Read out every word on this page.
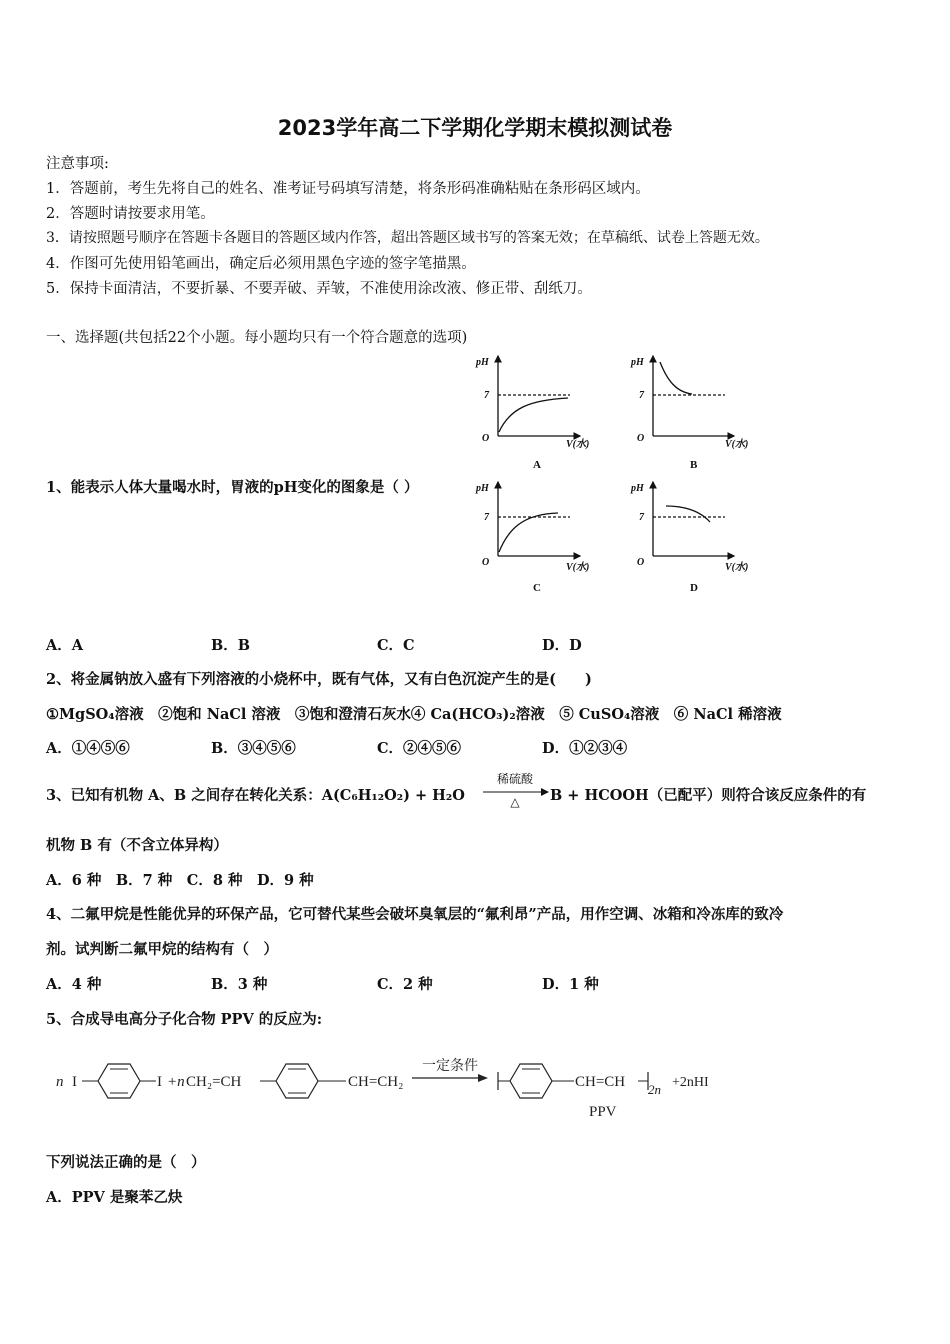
2023学年高二下学期化学期末模拟测试卷
注意事项:
1．答题前，考生先将自己的姓名、准考证号码填写清楚，将条形码准确粘贴在条形码区域内。
2．答题时请按要求用笔。
3．请按照题号顺序在答题卡各题目的答题区域内作答，超出答题区域书写的答案无效；在草稿纸、试卷上答题无效。
4．作图可先使用铅笔画出，确定后必须用黑色字迹的签字笔描黑。
5．保持卡面清洁，不要折暴、不要弄破、弄皱，不准使用涂改液、修正带、刮纸刀。
一、选择题(共包括22个小题。每小题均只有一个符合题意的选项)
1、能表示人体大量喝水时，胃液的pH变化的图象是（ ）
pH
7
O
V(水)
A
pH
7
O
V(水)
B
pH
7
O	V(水)
C
pH
7
O	V(水)
D
A．A	B．B	C．C	D．D
2、将金属钠放入盛有下列溶液的小烧杯中，既有气体，又有白色沉淀产生的是(　　)
①MgSO₄溶液　②饱和 NaCl 溶液　③饱和澄清石灰水④ Ca(HCO₃)₂溶液　⑤ CuSO₄溶液　⑥ NaCl 稀溶液
A．①④⑤⑥	B．③④⑤⑥	C．②④⑤⑥	D．①②③④
3、已知有机物 A、B 之间存在转化关系：A(C₆H₁₂O₂) + H₂O
稀硫酸
△	B + HCOOH（已配平）则符合该反应条件的有
机物 B 有（不含立体异构）
A．6 种　B．7 种　C．8 种　D．9 种
4、二氟甲烷是性能优异的环保产品，它可替代某些会破坏臭氧层的“氟利昂”产品，用作空调、冰箱和冷冻库的致冷
剂。试判断二氟甲烷的结构有（　）
A．4 种	B．3 种	C．2 种	D．1 种
5、合成导电高分子化合物 PPV 的反应为:
n I	I +n CH₂=CH	CH=CH₂
一定条件
CH=CH 2n +2nHI
PPV
下列说法正确的是（　）
A．PPV 是聚苯乙炔
